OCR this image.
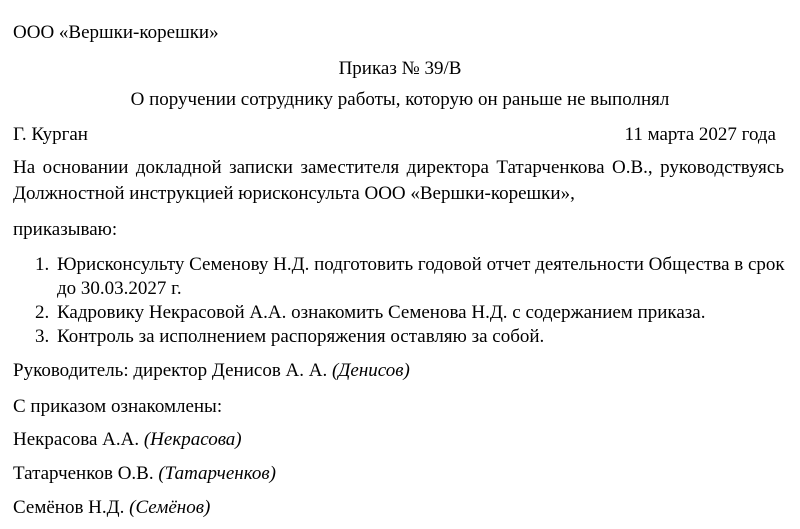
ООО «Вершки-корешки»
Приказ № 39/В
О поручении сотруднику работы, которую он раньше не выполнял
Г. Курган	11 марта 2027 года
На основании докладной записки заместителя директора Татарченкова О.В., руководствуясь Должностной инструкцией юрисконсульта ООО «Вершки-корешки»,
приказываю:
1. Юрисконсульту Семенову Н.Д. подготовить годовой отчет деятельности Общества в срок до 30.03.2027 г.
2. Кадровику Некрасовой А.А. ознакомить Семенова Н.Д. с содержанием приказа.
3. Контроль за исполнением распоряжения оставляю за собой.
Руководитель: директор Денисов А. А. (Денисов)
С приказом ознакомлены:
Некрасова А.А. (Некрасова)
Татарченков О.В. (Татарченков)
Семёнов Н.Д. (Семёнов)
